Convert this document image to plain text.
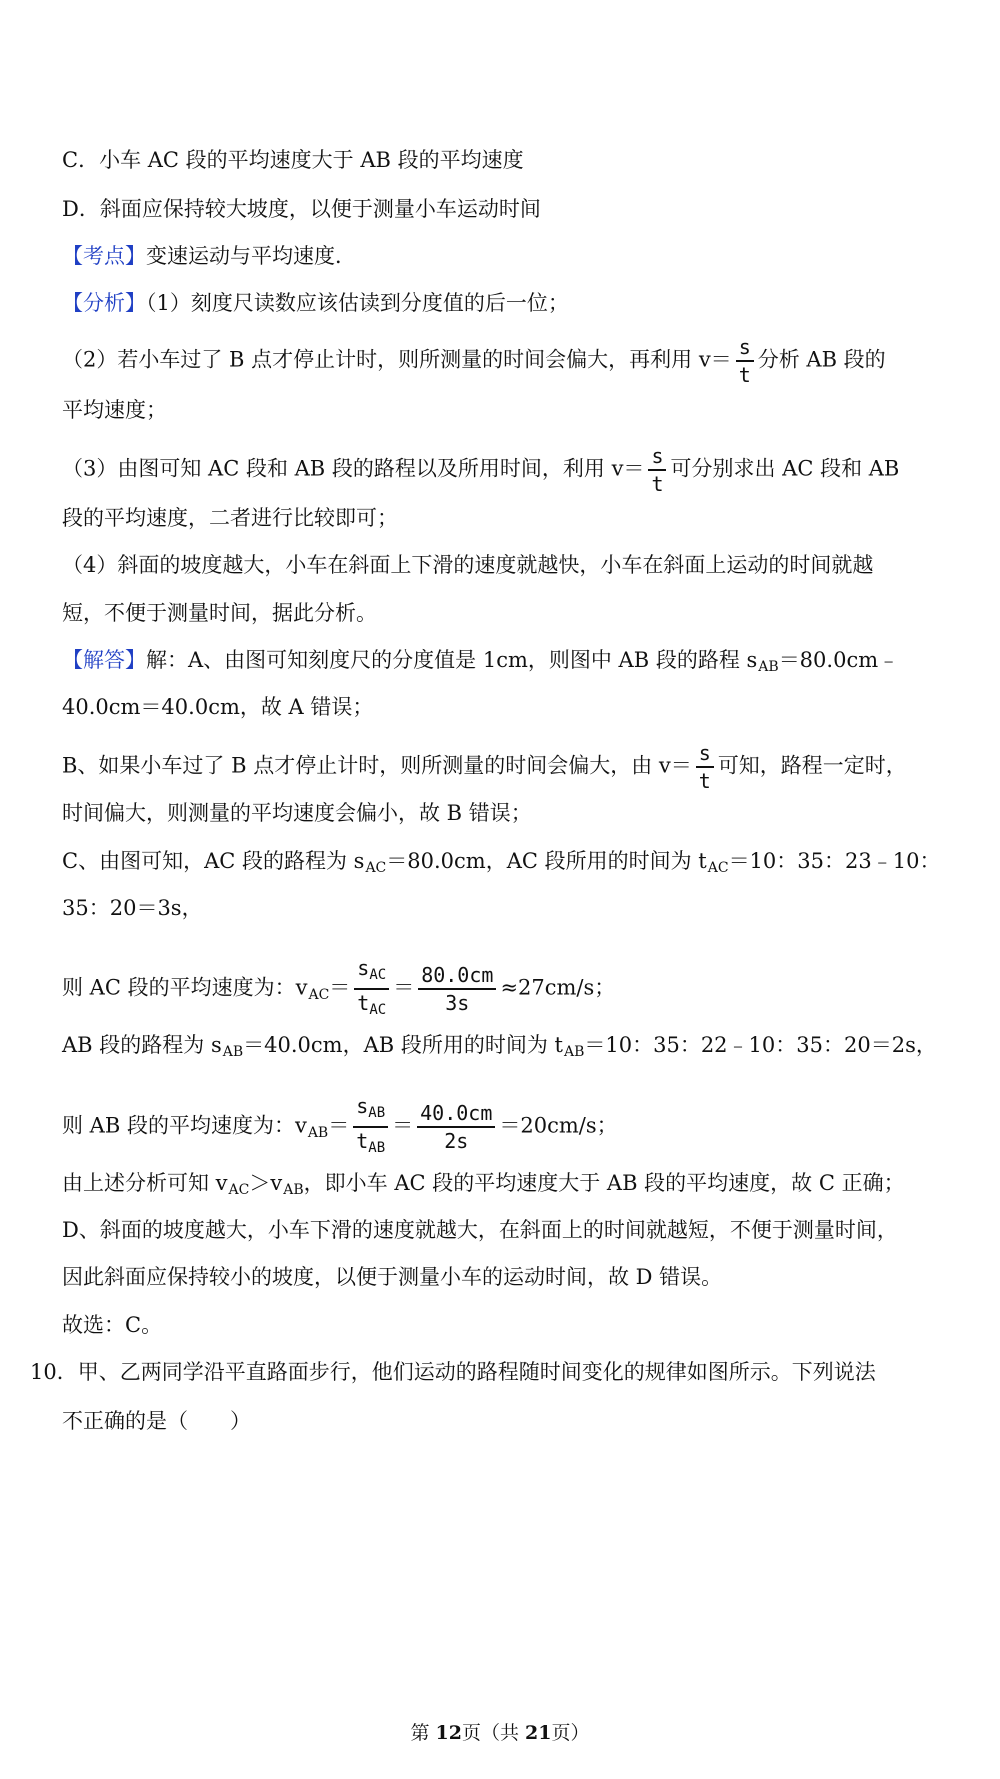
C．小车 AC 段的平均速度大于 AB 段的平均速度
D．斜面应保持较大坡度，以便于测量小车运动时间
【考点】变速运动与平均速度．
【分析】（1）刻度尺读数应该估读到分度值的后一位；
（2）若小车过了 B 点才停止计时，则所测量的时间会偏大，再利用 $v= \frac{s}{t}$ 分析 AB 段的
平均速度；
（3）由图可知 AC 段和 AB 段的路程以及所用时间，利用 $v= \frac{s}{t}$ 可分别求出 AC 段和 AB
段的平均速度，二者进行比较即可；
（4）斜面的坡度越大，小车在斜面上下滑的速度就越快，小车在斜面上运动的时间就越
短，不便于测量时间，据此分析。
【解答】解：A、由图可知刻度尺的分度值是 1cm，则图中 AB 段的路程 $s_{AB}=80.0cm﹣$
40.0cm＝40.0cm，故 A 错误；
B、如果小车过了 B 点才停止计时，则所测量的时间会偏大，由 $v= \frac{s}{t}$ 可知，路程一定时，
时间偏大，则测量的平均速度会偏小，故 B 错误；
C、由图可知，AC 段的路程为 $s_{AC}=80.0cm$，AC 段所用的时间为 $t_{AC}=10$：35：23﹣10：
35：20＝3s，
则 AC 段的平均速度为：$v_{AC}= \frac{s_{AC}}{t_{AC}} = \frac{80.0cm}{3s} \approx 27cm/s$；
AB 段的路程为 $s_{AB}=40.0cm$，AB 段所用的时间为 $t_{AB}=10$：35：22﹣10：35：20＝2s，
则 AB 段的平均速度为：$v_{AB}= \frac{s_{AB}}{t_{AB}} = \frac{40.0cm}{2s} =20cm/s$；
由上述分析可知 $v_{AC}>v_{AB}$，即小车 AC 段的平均速度大于 AB 段的平均速度，故 C 正确；
D、斜面的坡度越大，小车下滑的速度就越大，在斜面上的时间就越短，不便于测量时间，
因此斜面应保持较小的坡度，以便于测量小车的运动时间，故 D 错误。
故选：C。
10．甲、乙两同学沿平直路面步行，他们运动的路程随时间变化的规律如图所示。下列说法
不正确的是（　　）
第 12页（共 21页）
